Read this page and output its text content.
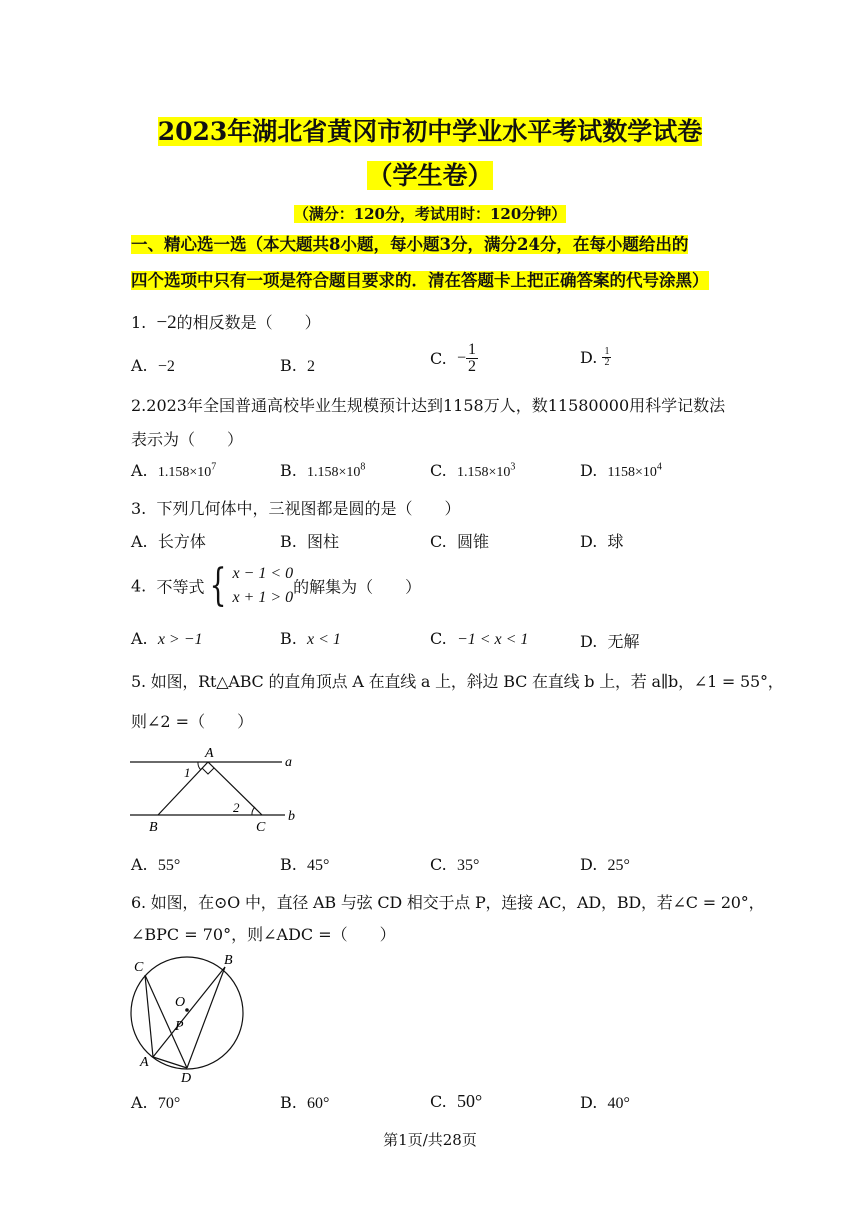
2023年湖北省黄冈市初中学业水平考试数学试卷
（学生卷）
（满分：120分，考试用时：120分钟）
一、精心选一选（本大题共8小题，每小题3分，满分24分，在每小题给出的
四个选项中只有一项是符合题目要求的．清在答题卡上把正确答案的代号涂黑）
1. −2的相反数是（　　）
A. −2	B. 2	C. − $\frac{1}{2}$	D. $\frac{1}{2}$
2.2023年全国普通高校毕业生规模预计达到1158万人，数11580000用科学记数法
表示为（　　）
A. $1.158\times 10^7$	B. $1.158\times 10^8$	C. $1.158\times 10^3$	D. $1158\times 10^4$
3. 下列几何体中，三视图都是圆的是（　　）
A. 长方体	B. 图柱	C. 圆锥	D. 球
4. 不等式 { x − 1 < 0
x + 1 > 0的解集为（　　）
A. x > −1	B. x < 1	C. −1 < x < 1	D. 无解
5. 如图，Rt△ABC 的直角顶点 A 在直线 a 上，斜边 BC 在直线 b 上，若 a∥b，∠1 = 55°，
则∠2 =（　　）
A
B	C
a
b
1
2
A. 55°	B. 45°	C. 35°	D. 25°
6. 如图，在⊙O 中，直径 AB 与弦 CD 相交于点 P，连接 AC，AD，BD，若∠C = 20°，
∠BPC = 70°，则∠ADC =（　　）
C	B
O
P
A
D
A. 70°	B. 60°	C. 50°	D. 40°
第1页/共28页
